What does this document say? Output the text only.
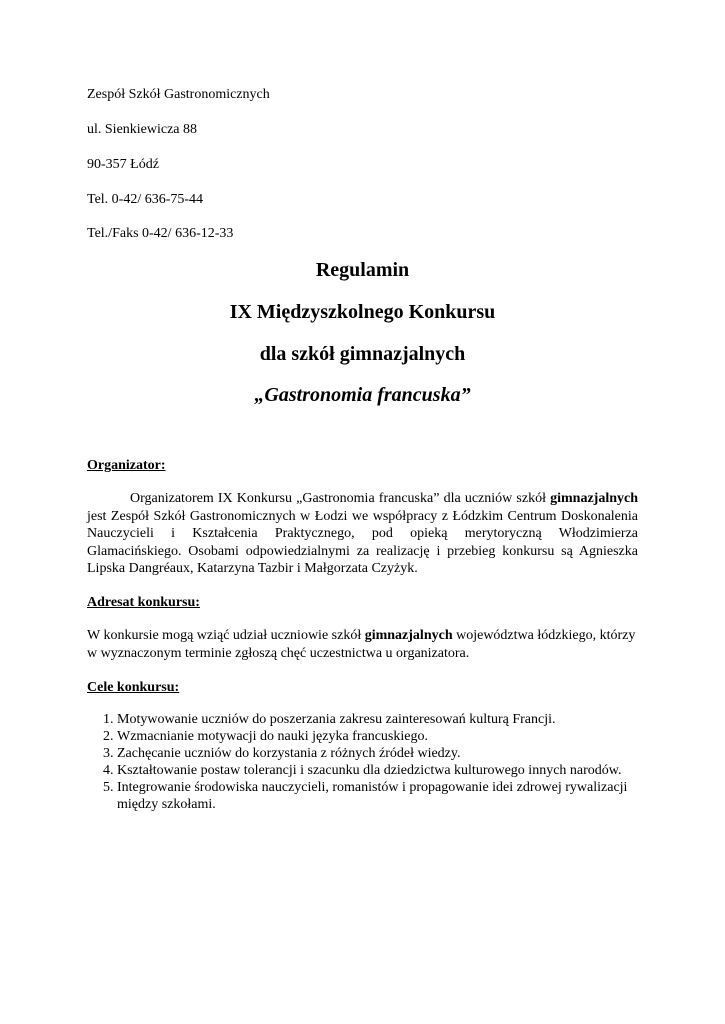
Zespół Szkół Gastronomicznych
ul. Sienkiewicza 88
90-357 Łódź
Tel. 0-42/ 636-75-44
Tel./Faks 0-42/ 636-12-33
Regulamin
IX Międzyszkolnego Konkursu
dla szkół gimnazjalnych
„Gastronomia francuska”
Organizator:
Organizatorem IX Konkursu „Gastronomia francuska” dla uczniów szkół gimnazjalnych jest Zespół Szkół Gastronomicznych w Łodzi we współpracy z Łódzkim Centrum Doskonalenia Nauczycieli i Kształcenia Praktycznego, pod opieką merytoryczną Włodzimierza Glamacińskiego. Osobami odpowiedzialnymi za realizację i przebieg konkursu są Agnieszka Lipska Dangréaux, Katarzyna Tazbir i Małgorzata Czyżyk.
Adresat konkursu:
W konkursie mogą wziąć udział uczniowie szkół gimnazjalnych województwa łódzkiego, którzy w wyznaczonym terminie zgłoszą chęć uczestnictwa u organizatora.
Cele konkursu:
1. Motywowanie uczniów do poszerzania zakresu zainteresowań kulturą Francji.
2. Wzmacnianie motywacji do nauki języka francuskiego.
3. Zachęcanie uczniów do korzystania z różnych źródeł wiedzy.
4. Kształtowanie postaw tolerancji i szacunku dla dziedzictwa kulturowego innych narodów.
5. Integrowanie środowiska nauczycieli, romanistów i propagowanie idei zdrowej rywalizacji między szkołami.
